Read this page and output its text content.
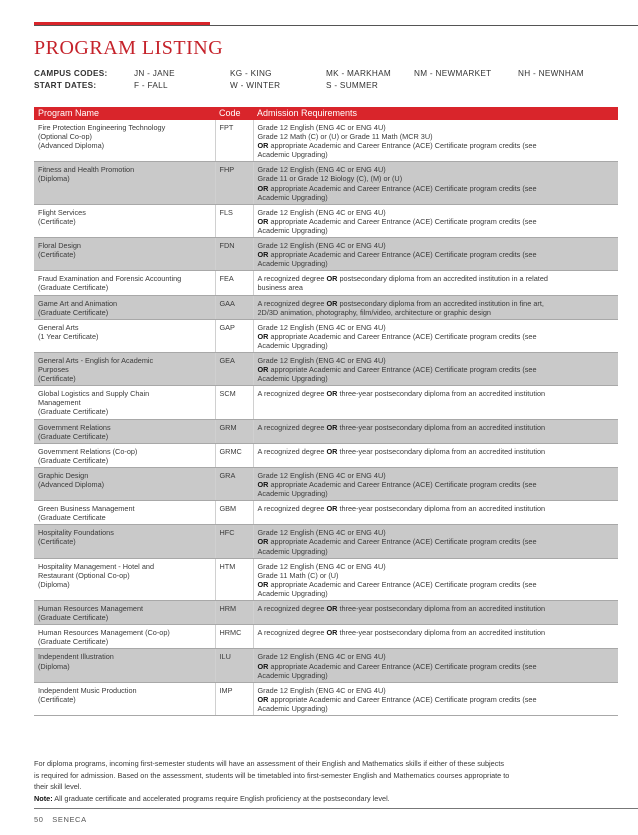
PROGRAM LISTING
CAMPUS CODES:	JN - JANE	KG - KING	MK - MARKHAM	NM - NEWMARKET	NH - NEWNHAM
START DATES:	F - FALL	W - WINTER	S - SUMMER
Program Name	Code	Admission Requirements

Fire Protection Engineering Technology
(Optional Co-op)
(Advanced Diploma)	FPT	Grade 12 English (ENG 4C or ENG 4U)
Grade 12 Math (C) or (U) or Grade 11 Math (MCR 3U)
OR appropriate Academic and Career Entrance (ACE) Certificate program credits (see
Academic Upgrading)

Fitness and Health Promotion
(Diploma)	FHP	Grade 12 English (ENG 4C or ENG 4U)
Grade 11 or Grade 12 Biology (C), (M) or (U)
OR appropriate Academic and Career Entrance (ACE) Certificate program credits (see
Academic Upgrading)

Flight Services
(Certificate)	FLS	Grade 12 English (ENG 4C or ENG 4U)
OR appropriate Academic and Career Entrance (ACE) Certificate program credits (see
Academic Upgrading)

Floral Design
(Certificate)	FDN	Grade 12 English (ENG 4C or ENG 4U)
OR appropriate Academic and Career Entrance (ACE) Certificate program credits (see
Academic Upgrading)

Fraud Examination and Forensic Accounting
(Graduate Certificate)	FEA	A recognized degree OR postsecondary diploma from an accredited institution in a related
business area

Game Art and Animation
(Graduate Certificate)	GAA	A recognized degree OR postsecondary diploma from an accredited institution in fine art,
2D/3D animation, photography, film/video, architecture or graphic design

General Arts
(1 Year Certificate)	GAP	Grade 12 English (ENG 4C or ENG 4U)
OR appropriate Academic and Career Entrance (ACE) Certificate program credits (see
Academic Upgrading)

General Arts - English for Academic
Purposes
(Certificate)	GEA	Grade 12 English (ENG 4C or ENG 4U)
OR appropriate Academic and Career Entrance (ACE) Certificate program credits (see
Academic Upgrading)

Global Logistics and Supply Chain
Management
(Graduate Certificate)	SCM	A recognized degree OR three-year postsecondary diploma from an accredited institution

Government Relations
(Graduate Certificate)	GRM	A recognized degree OR three-year postsecondary diploma from an accredited institution

Government Relations (Co-op)
(Graduate Certificate)	GRMC	A recognized degree OR three-year postsecondary diploma from an accredited institution

Graphic Design
(Advanced Diploma)	GRA	Grade 12 English (ENG 4C or ENG 4U)
OR appropriate Academic and Career Entrance (ACE) Certificate program credits (see
Academic Upgrading)

Green Business Management
(Graduate Certificate	GBM	A recognized degree OR three-year postsecondary diploma from an accredited institution

Hospitality Foundations
(Certificate)	HFC	Grade 12 English (ENG 4C or ENG 4U)
OR appropriate Academic and Career Entrance (ACE) Certificate program credits (see
Academic Upgrading)

Hospitality Management - Hotel and
Restaurant (Optional Co-op)
(Diploma)	HTM	Grade 12 English (ENG 4C or ENG 4U)
Grade 11 Math (C) or (U)
OR appropriate Academic and Career Entrance (ACE) Certificate program credits (see
Academic Upgrading)

Human Resources Management
(Graduate Certificate)	HRM	A recognized degree OR three-year postsecondary diploma from an accredited institution

Human Resources Management (Co-op)
(Graduate Certificate)	HRMC	A recognized degree OR three-year postsecondary diploma from an accredited institution

Independent Illustration
(Diploma)	ILU	Grade 12 English (ENG 4C or ENG 4U)
OR appropriate Academic and Career Entrance (ACE) Certificate program credits (see
Academic Upgrading)

Independent Music Production
(Certificate)	IMP	Grade 12 English (ENG 4C or ENG 4U)
OR appropriate Academic and Career Entrance (ACE) Certificate program credits (see
Academic Upgrading)
For diploma programs, incoming first-semester students will have an assessment of their English and Mathematics skills if either of these subjects
is required for admission. Based on the assessment, students will be timetabled into first-semester English and Mathematics courses appropriate to
their skill level.
Note: All graduate certificate and accelerated programs require English proficiency at the postsecondary level.
50 SENECA
